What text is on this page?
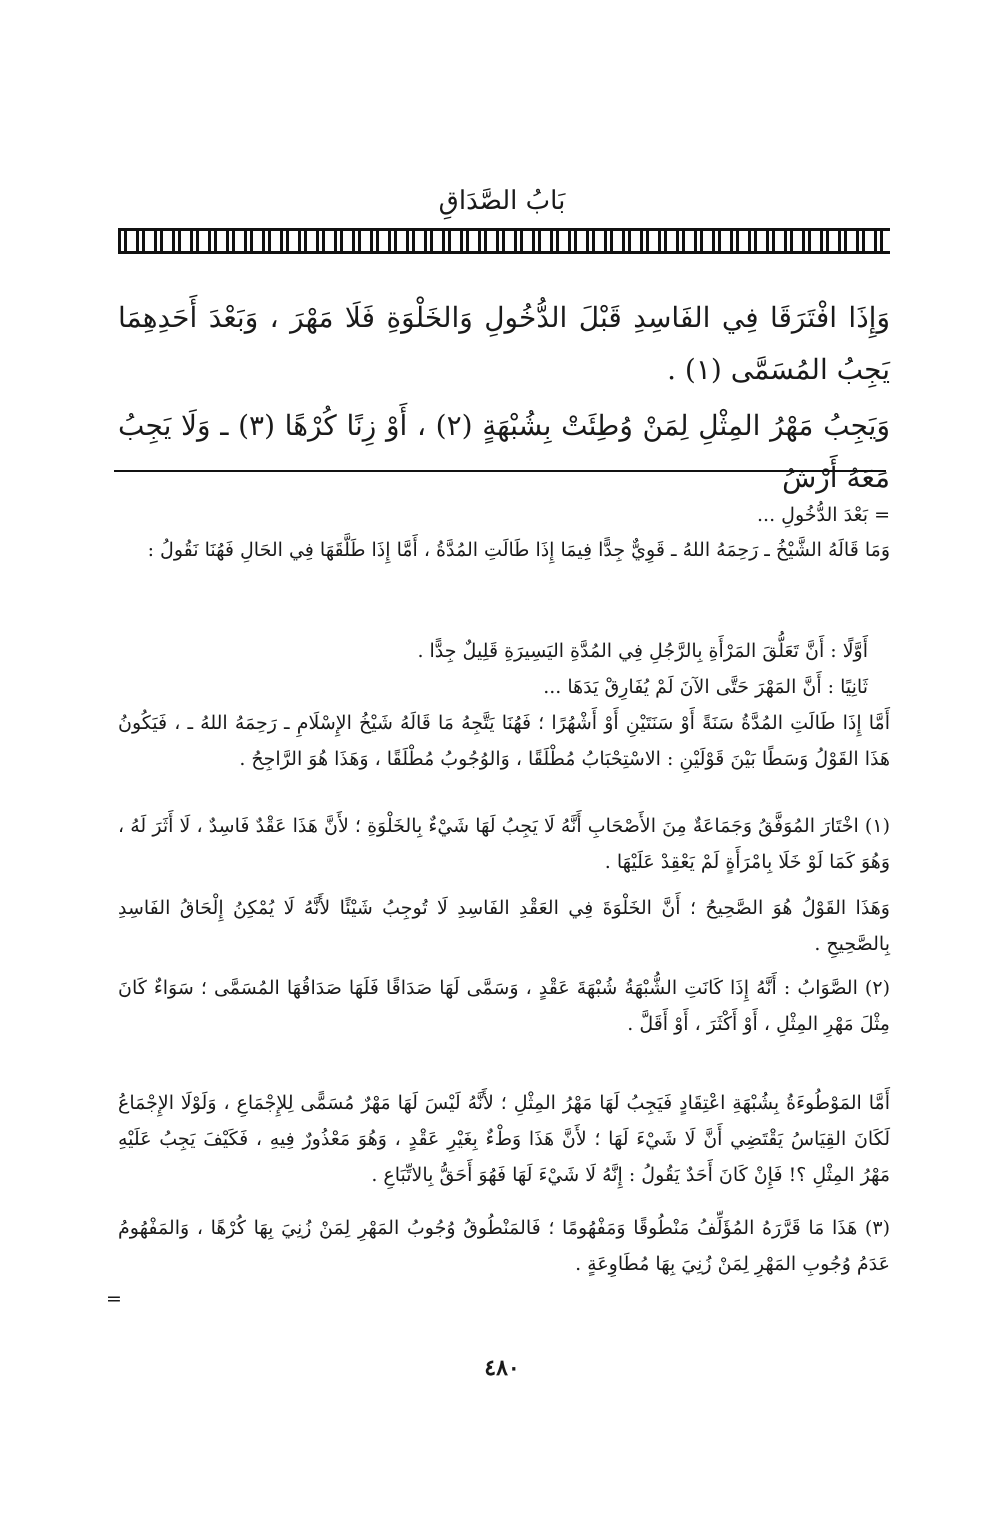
بَابُ الصَّدَاقِ
وَإِذَا افْتَرَقَا فِي الفَاسِدِ قَبْلَ الدُّخُولِ وَالخَلْوَةِ فَلَا مَهْرَ ، وَبَعْدَ أَحَدِهِمَا يَجِبُ المُسَمَّى (١) .
وَيَجِبُ مَهْرُ المِثْلِ لِمَنْ وُطِئَتْ بِشُبْهَةٍ (٢) ، أَوْ زِنًا كُرْهًا (٣) ـ وَلَا يَجِبُ مَعَهُ أَرْشُ
= بَعْدَ الدُّخُولِ ...
وَمَا قَالَهُ الشَّيْخُ ـ رَحِمَهُ اللهُ ـ قَوِيٌّ جِدًّا فِيمَا إِذَا طَالَتِ المُدَّةُ ، أَمَّا إِذَا طَلَّقَهَا فِي الحَالِ فَهُنَا نَقُولُ :
أَوَّلًا : أَنَّ تَعَلُّقَ المَرْأَةِ بِالرَّجُلِ فِي المُدَّةِ اليَسِيرَةِ قَلِيلٌ جِدًّا .
ثَانِيًا : أَنَّ المَهْرَ حَتَّى الآنَ لَمْ يُفَارِقْ يَدَهَا ...
أَمَّا إِذَا طَالَتِ المُدَّةُ سَنَةً أَوْ سَنَتَيْنِ أَوْ أَشْهُرًا ؛ فَهُنَا يَتَّجِهُ مَا قَالَهُ شَيْخُ الإِسْلَامِ ـ رَحِمَهُ اللهُ ـ ، فَيَكُونُ هَذَا القَوْلُ وَسَطًا بَيْنَ قَوْلَيْنِ : الاسْتِحْبَابُ مُطْلَقًا ، وَالوُجُوبُ مُطْلَقًا ، وَهَذَا هُوَ الرَّاجِحُ .
(١) اخْتَارَ المُوَفَّقُ وَجَمَاعَةٌ مِنَ الأَصْحَابِ أَنَّهُ لَا يَجِبُ لَهَا شَيْءٌ بِالخَلْوَةِ ؛ لأَنَّ هَذَا عَقْدٌ فَاسِدٌ ، لَا أَثَرَ لَهُ ، وَهُوَ كَمَا لَوْ خَلَا بِامْرَأَةٍ لَمْ يَعْقِدْ عَلَيْهَا .
وَهَذَا القَوْلُ هُوَ الصَّحِيحُ ؛ أَنَّ الخَلْوَةَ فِي العَقْدِ الفَاسِدِ لَا تُوجِبُ شَيْئًا لأَنَّهُ لَا يُمْكِنُ إِلْحَاقُ الفَاسِدِ بِالصَّحِيحِ .
(٢) الصَّوَابُ : أَنَّهُ إِذَا كَانَتِ الشُّبْهَةُ شُبْهَةَ عَقْدٍ ، وَسَمَّى لَهَا صَدَاقًا فَلَهَا صَدَاقُهَا المُسَمَّى ؛ سَوَاءٌ كَانَ مِثْلَ مَهْرِ المِثْلِ ، أَوْ أَكْثَرَ ، أَوْ أَقَلَّ .
أَمَّا المَوْطُوءَةُ بِشُبْهَةِ اعْتِقَادٍ فَيَجِبُ لَهَا مَهْرُ المِثْلِ ؛ لأَنَّهُ لَيْسَ لَهَا مَهْرٌ مُسَمًّى لِلإِجْمَاعِ ، وَلَوْلَا الإِجْمَاعُ لَكَانَ القِيَاسُ يَقْتَضِي أَنَّ لَا شَيْءَ لَهَا ؛ لأَنَّ هَذَا وَطْءٌ بِغَيْرِ عَقْدٍ ، وَهُوَ مَعْذُورٌ فِيهِ ، فَكَيْفَ يَجِبُ عَلَيْهِ مَهْرُ المِثْلِ ؟! فَإِنْ كَانَ أَحَدٌ يَقُولُ : إِنَّهُ لَا شَيْءَ لَهَا فَهُوَ أَحَقُّ بِالاتِّبَاعِ .
(٣) هَذَا مَا قَرَّرَهُ المُؤَلِّفُ مَنْطُوقًا وَمَفْهُومًا ؛ فَالمَنْطُوقُ وُجُوبُ المَهْرِ لِمَنْ زُنِيَ بِهَا كُرْهًا ، وَالمَفْهُومُ عَدَمُ وُجُوبِ المَهْرِ لِمَنْ زُنِيَ بِهَا مُطَاوِعَةٍ .
=
٤٨٠
